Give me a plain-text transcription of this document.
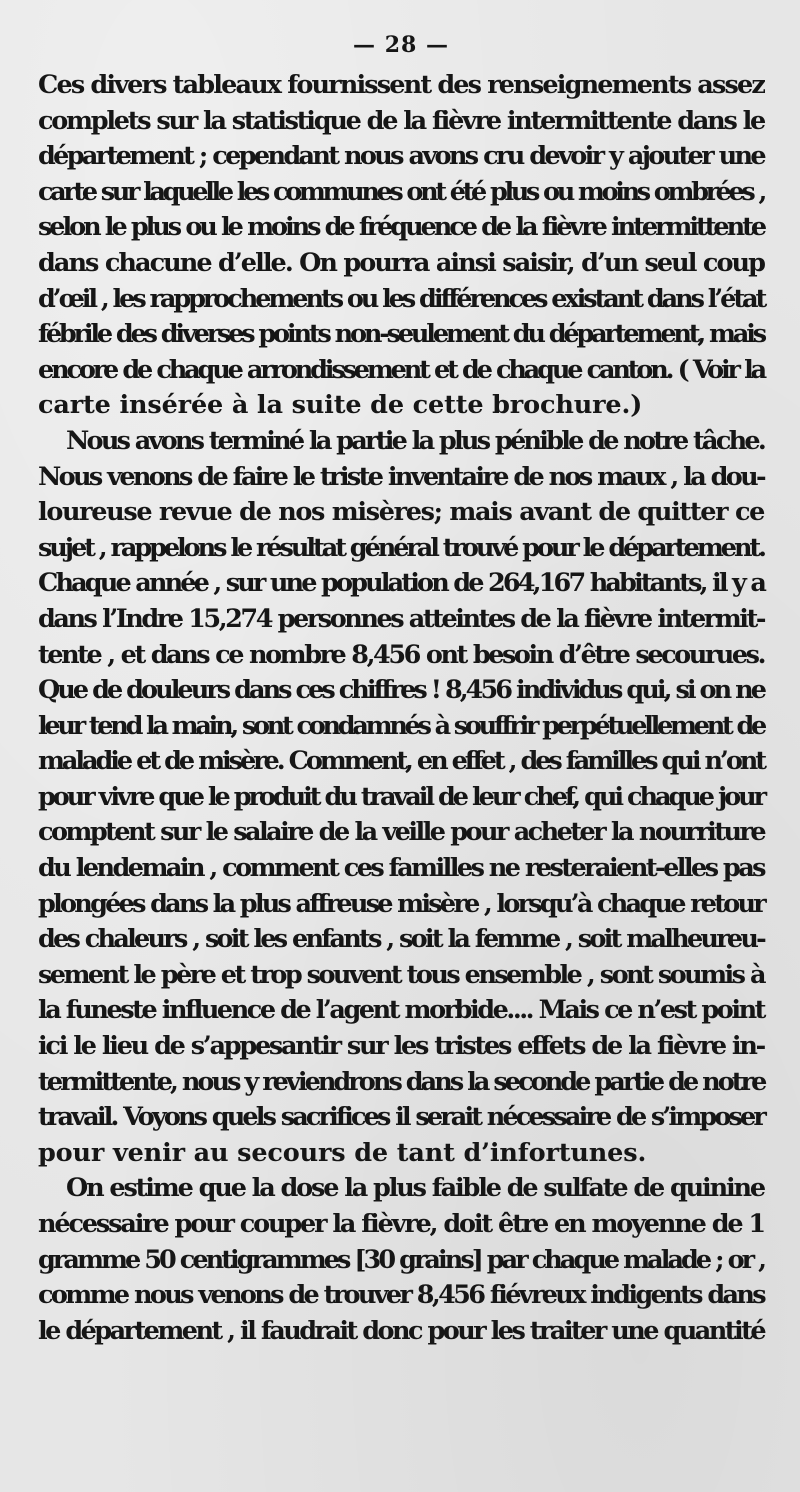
— 28 —
Ces divers tableaux fournissent des renseignements assez
complets sur la statistique de la fièvre intermittente dans le
département ; cependant nous avons cru devoir y ajouter une
carte sur laquelle les communes ont été plus ou moins ombrées ,
selon le plus ou le moins de fréquence de la fièvre intermittente
dans chacune d’elle. On pourra ainsi saisir, d’un seul coup
d’œil , les rapprochements ou les différences existant dans l’état
fébrile des diverses points non-seulement du département, mais
encore de chaque arrondissement et de chaque canton. ( Voir la
carte insérée à la suite de cette brochure.)
Nous avons terminé la partie la plus pénible de notre tâche.
Nous venons de faire le triste inventaire de nos maux , la dou-
loureuse revue de nos misères; mais avant de quitter ce
sujet , rappelons le résultat général trouvé pour le département.
Chaque année , sur une population de 264,167 habitants, il y a
dans l’Indre 15,274 personnes atteintes de la fièvre intermit-
tente , et dans ce nombre 8,456 ont besoin d’être secourues.
Que de douleurs dans ces chiffres ! 8,456 individus qui, si on ne
leur tend la main, sont condamnés à souffrir perpétuellement de
maladie et de misère. Comment, en effet , des familles qui n’ont
pour vivre que le produit du travail de leur chef, qui chaque jour
comptent sur le salaire de la veille pour acheter la nourriture
du lendemain , comment ces familles ne resteraient-elles pas
plongées dans la plus affreuse misère , lorsqu’à chaque retour
des chaleurs , soit les enfants , soit la femme , soit malheureu-
sement le père et trop souvent tous ensemble , sont soumis à
la funeste influence de l’agent morbide.... Mais ce n’est point
ici le lieu de s’appesantir sur les tristes effets de la fièvre in-
termittente, nous y reviendrons dans la seconde partie de notre
travail. Voyons quels sacrifices il serait nécessaire de s’imposer
pour venir au secours de tant d’infortunes.
On estime que la dose la plus faible de sulfate de quinine
nécessaire pour couper la fièvre, doit être en moyenne de 1
gramme 50 centigrammes [30 grains] par chaque malade ; or ,
comme nous venons de trouver 8,456 fiévreux indigents dans
le département , il faudrait donc pour les traiter une quantité
